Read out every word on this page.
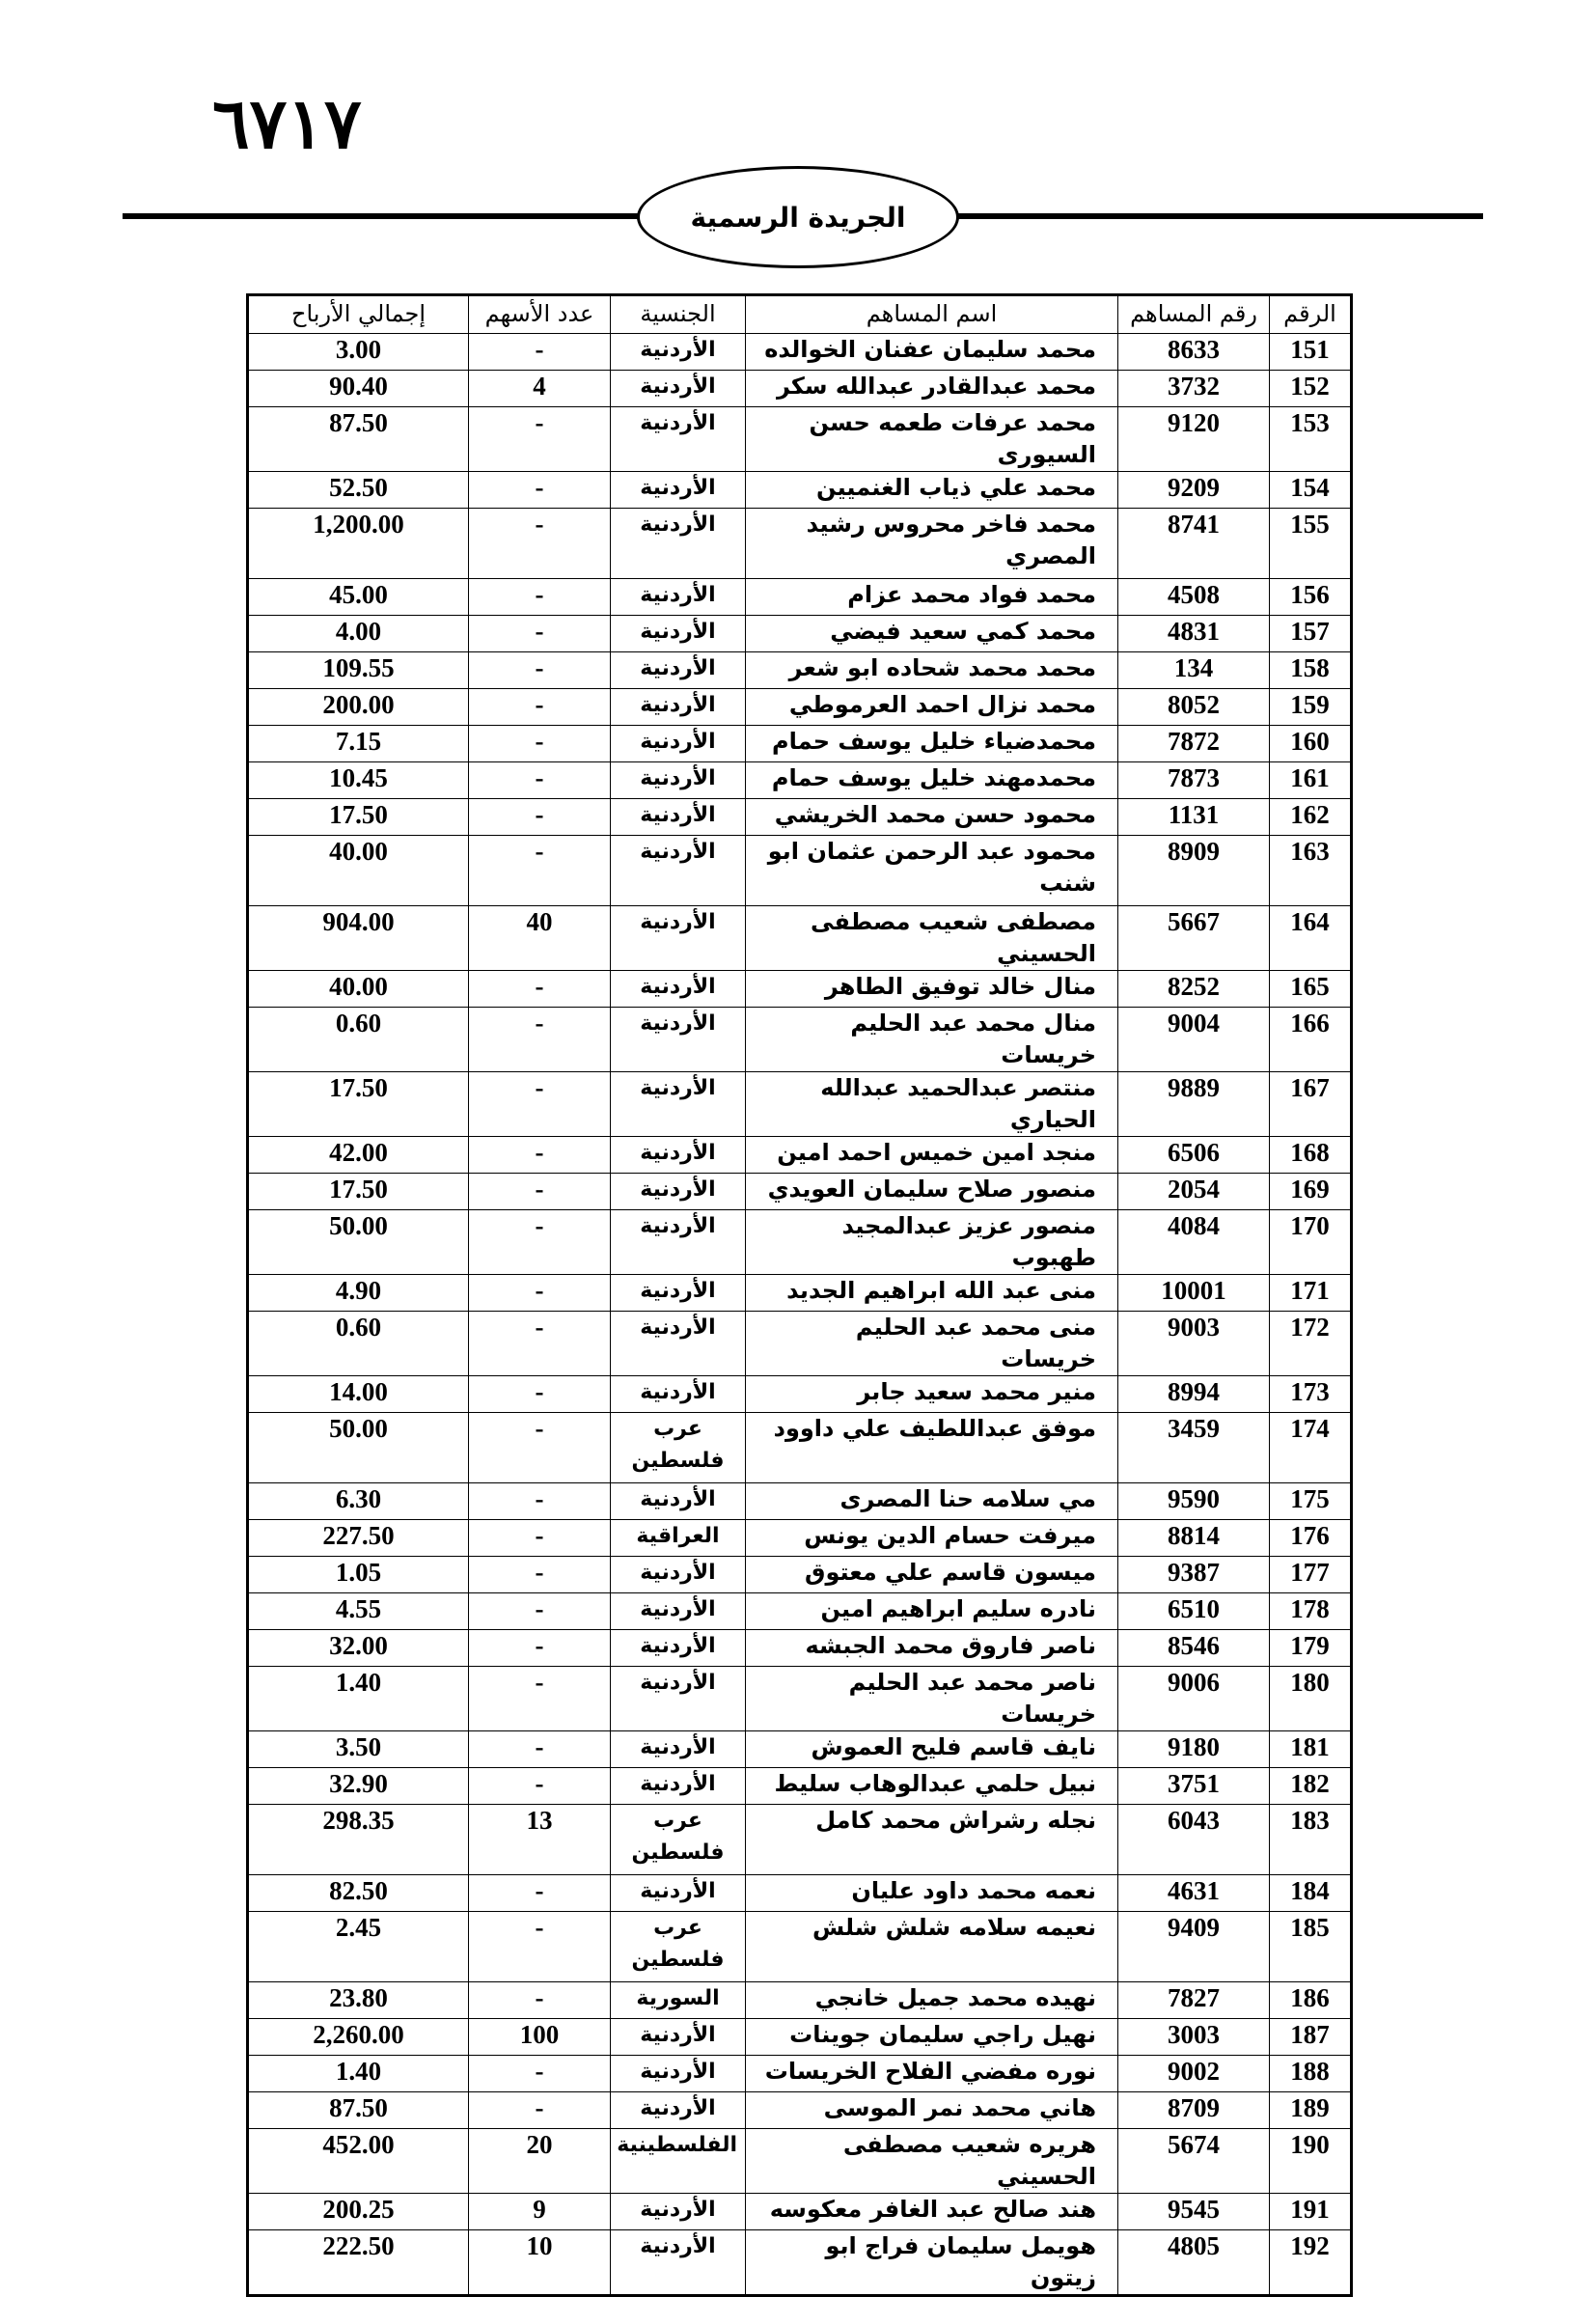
٦٧١٧
الجريدة الرسمية
الرقم	رقم المساهم	اسم المساهم	الجنسية	عدد الأسهم	إجمالي الأرباح
151	8633	محمد سليمان عفنان الخوالده	الأردنية	-	3.00
152	3732	محمد عبدالقادر عبدالله سكر	الأردنية	4	90.40
153	9120	محمد عرفات طعمه حسن السيورى	الأردنية	-	87.50
154	9209	محمد علي ذياب الغنميين	الأردنية	-	52.50
155	8741	محمد فاخر محروس رشيد المصري	الأردنية	-	1,200.00
156	4508	محمد فواد محمد عزام	الأردنية	-	45.00
157	4831	محمد كمي سعيد فيضي	الأردنية	-	4.00
158	134	محمد محمد شحاده ابو شعر	الأردنية	-	109.55
159	8052	محمد نزال احمد العرموطي	الأردنية	-	200.00
160	7872	محمدضياء خليل يوسف حمام	الأردنية	-	7.15
161	7873	محمدمهند خليل يوسف حمام	الأردنية	-	10.45
162	1131	محمود حسن محمد الخريشي	الأردنية	-	17.50
163	8909	محمود عبد الرحمن عثمان ابو شنب	الأردنية	-	40.00
164	5667	مصطفى شعيب مصطفى الحسيني	الأردنية	40	904.00
165	8252	منال خالد توفيق الطاهر	الأردنية	-	40.00
166	9004	منال محمد عبد الحليم خريسات	الأردنية	-	0.60
167	9889	منتصر عبدالحميد عبدالله الحياري	الأردنية	-	17.50
168	6506	منجد امين خميس احمد امين	الأردنية	-	42.00
169	2054	منصور صلاح سليمان العويدي	الأردنية	-	17.50
170	4084	منصور عزيز عبدالمجيد طهبوب	الأردنية	-	50.00
171	10001	منى عبد الله ابراهيم الجديد	الأردنية	-	4.90
172	9003	منى محمد عبد الحليم خريسات	الأردنية	-	0.60
173	8994	منير محمد سعيد جابر	الأردنية	-	14.00
174	3459	موفق عبداللطيف علي داوود	عرب فلسطين	-	50.00
175	9590	مي سلامه حنا المصرى	الأردنية	-	6.30
176	8814	ميرفت حسام الدين يونس	العراقية	-	227.50
177	9387	ميسون قاسم علي معتوق	الأردنية	-	1.05
178	6510	نادره سليم ابراهيم امين	الأردنية	-	4.55
179	8546	ناصر فاروق محمد الجبشه	الأردنية	-	32.00
180	9006	ناصر محمد عبد الحليم خريسات	الأردنية	-	1.40
181	9180	نايف قاسم فليح العموش	الأردنية	-	3.50
182	3751	نبيل حلمي عبدالوهاب سليط	الأردنية	-	32.90
183	6043	نجله رشراش محمد كامل	عرب فلسطين	13	298.35
184	4631	نعمه محمد داود عليان	الأردنية	-	82.50
185	9409	نعيمه سلامه شلش شلش	عرب فلسطين	-	2.45
186	7827	نهيده محمد جميل خانجي	السورية	-	23.80
187	3003	نهيل راجي سليمان جوينات	الأردنية	100	2,260.00
188	9002	نوره مفضي الفلاح الخريسات	الأردنية	-	1.40
189	8709	هاني محمد نمر الموسى	الأردنية	-	87.50
190	5674	هريره شعيب مصطفى الحسيني	الفلسطينية	20	452.00
191	9545	هند صالح عبد الغافر معكوسه	الأردنية	9	200.25
192	4805	هويمل سليمان فراج ابو زيتون	الأردنية	10	222.50
